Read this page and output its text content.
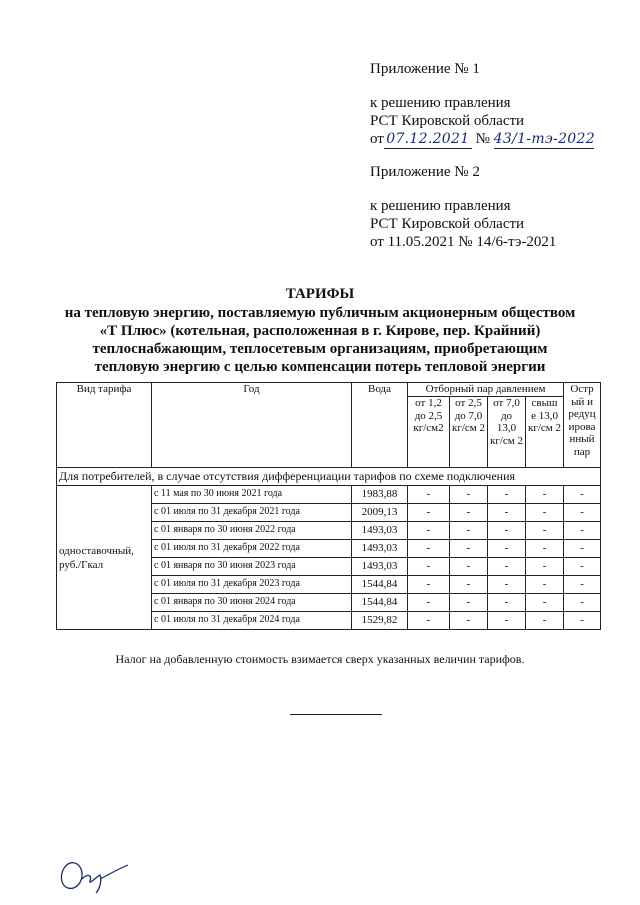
Приложение № 1
к решению правления
РСТ Кировской области
от 07.12.2021 № 43/1-тэ-2022
Приложение № 2
к решению правления
РСТ Кировской области
от 11.05.2021 № 14/6-тэ-2021
ТАРИФЫ
на тепловую энергию, поставляемую публичным акционерным обществом
«Т Плюс» (котельная, расположенная в г. Кирове, пер. Крайний)
теплоснабжающим, теплосетевым организациям, приобретающим
тепловую энергию с целью компенсации потерь тепловой энергии
Вид тарифа	Год	Вода	Отборный пар давлением				Остр ый и редуц ирова нный пар
			от 1,2 до 2,5 кг/см2	от 2,5 до 7,0 кг/см 2	от 7,0 до 13,0 кг/см 2	свыш е 13,0 кг/см 2	
Для потребителей, в случае отсутствия дифференциации тарифов по схеме подключения							
одноставочный, руб./Гкал	с 11 мая по 30 июня 2021 года	1983,88	-	-	-	-	-
	с 01 июля по 31 декабря 2021 года	2009,13	-	-	-	-	-
	с 01 января по 30 июня 2022 года	1493,03	-	-	-	-	-
	с 01 июля по 31 декабря 2022 года	1493,03	-	-	-	-	-
	с 01 января по 30 июня 2023 года	1493,03	-	-	-	-	-
	с 01 июля по 31 декабря 2023 года	1544,84	-	-	-	-	-
	с 01 января по 30 июня 2024 года	1544,84	-	-	-	-	-
	с 01 июля по 31 декабря 2024 года	1529,82	-	-	-	-	-
Налог на добавленную стоимость взимается сверх указанных величин тарифов.
